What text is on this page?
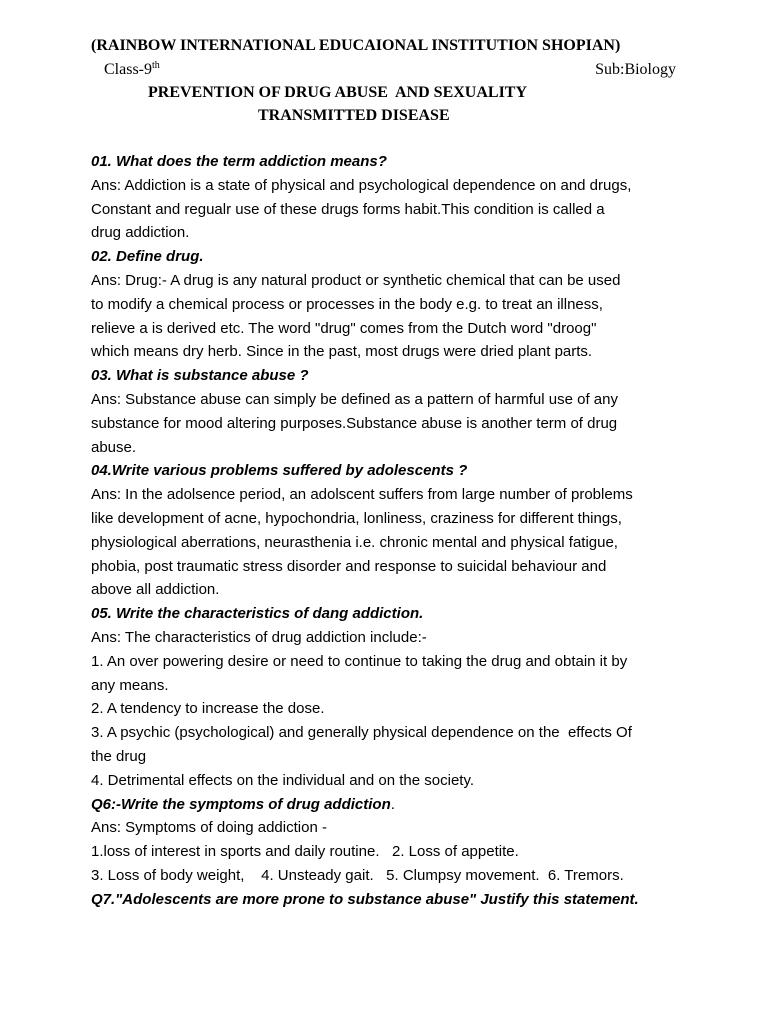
(RAINBOW INTERNATIONAL EDUCAIONAL INSTITUTION SHOPIAN)
Class-9th	Sub:Biology
PREVENTION OF DRUG ABUSE  AND SEXUALITY
TRANSMITTED DISEASE
01. What does the term addiction means?
Ans: Addiction is a state of physical and psychological dependence on and drugs,
Constant and regualr use of these drugs forms habit.This condition is called a
drug addiction.
02. Define drug.
Ans: Drug:- A drug is any natural product or synthetic chemical that can be used
to modify a chemical process or processes in the body e.g. to treat an illness,
relieve a is derived etc. The word "drug" comes from the Dutch word "droog"
which means dry herb. Since in the past, most drugs were dried plant parts.
03. What is substance abuse ?
Ans: Substance abuse can simply be defined as a pattern of harmful use of any
substance for mood altering purposes.Substance abuse is another term of drug
abuse.
04.Write various problems suffered by adolescents ?
Ans: In the adolsence period, an adolscent suffers from large number of problems
like development of acne, hypochondria, lonliness, craziness for different things,
physiological aberrations, neurasthenia i.e. chronic mental and physical fatigue,
phobia, post traumatic stress disorder and response to suicidal behaviour and
above all addiction.
05. Write the characteristics of dang addiction.
Ans: The characteristics of drug addiction include:-
1. An over powering desire or need to continue to taking the drug and obtain it by
any means.
2. A tendency to increase the dose.
3. A psychic (psychological) and generally physical dependence on the  effects Of
the drug
4. Detrimental effects on the individual and on the society.
Q6:-Write the symptoms of drug addiction.
Ans: Symptoms of doing addiction -
1.loss of interest in sports and daily routine.   2. Loss of appetite.
3. Loss of body weight,    4. Unsteady gait.   5. Clumpsy movement.  6. Tremors.
Q7."Adolescents are more prone to substance abuse" Justify this statement.
